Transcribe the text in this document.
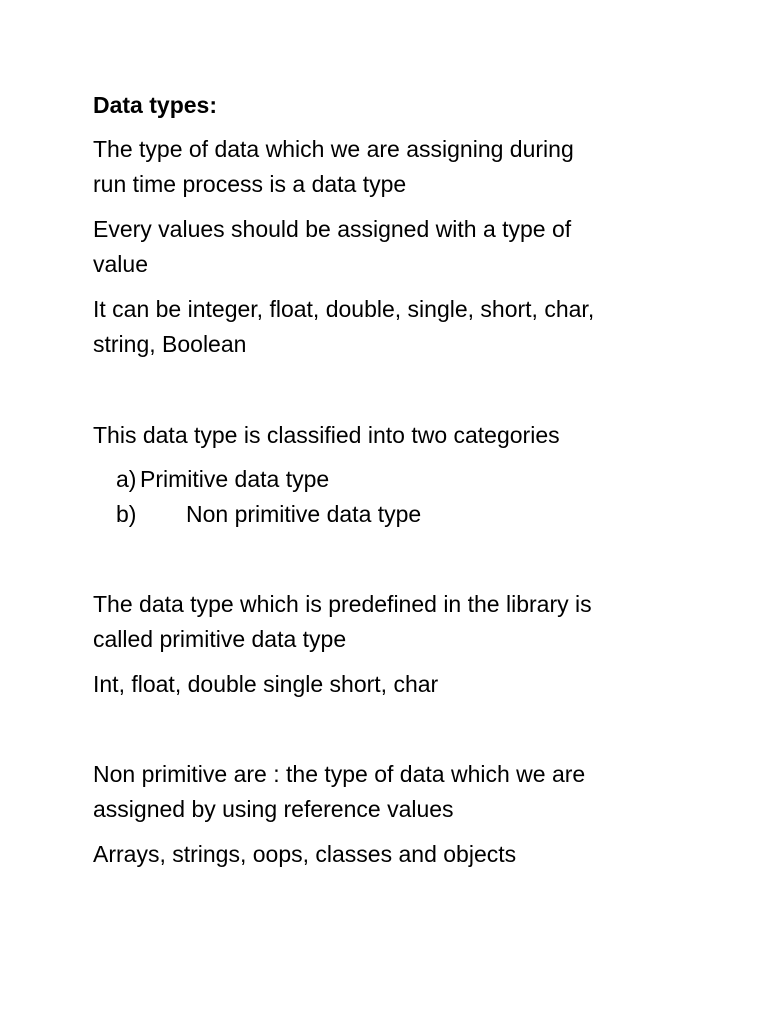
Data types:
The type of data which we are assigning during
run time process is a data type
Every values should be assigned with a type of
value
It can be integer, float, double, single, short, char,
string, Boolean
This data type is classified into two categories
a) Primitive data type
b) Non primitive data type
The data type which is predefined in the library is
called primitive data type
Int, float, double single short, char
Non primitive are : the type of data which we are
assigned by using reference values
Arrays, strings, oops, classes and objects
